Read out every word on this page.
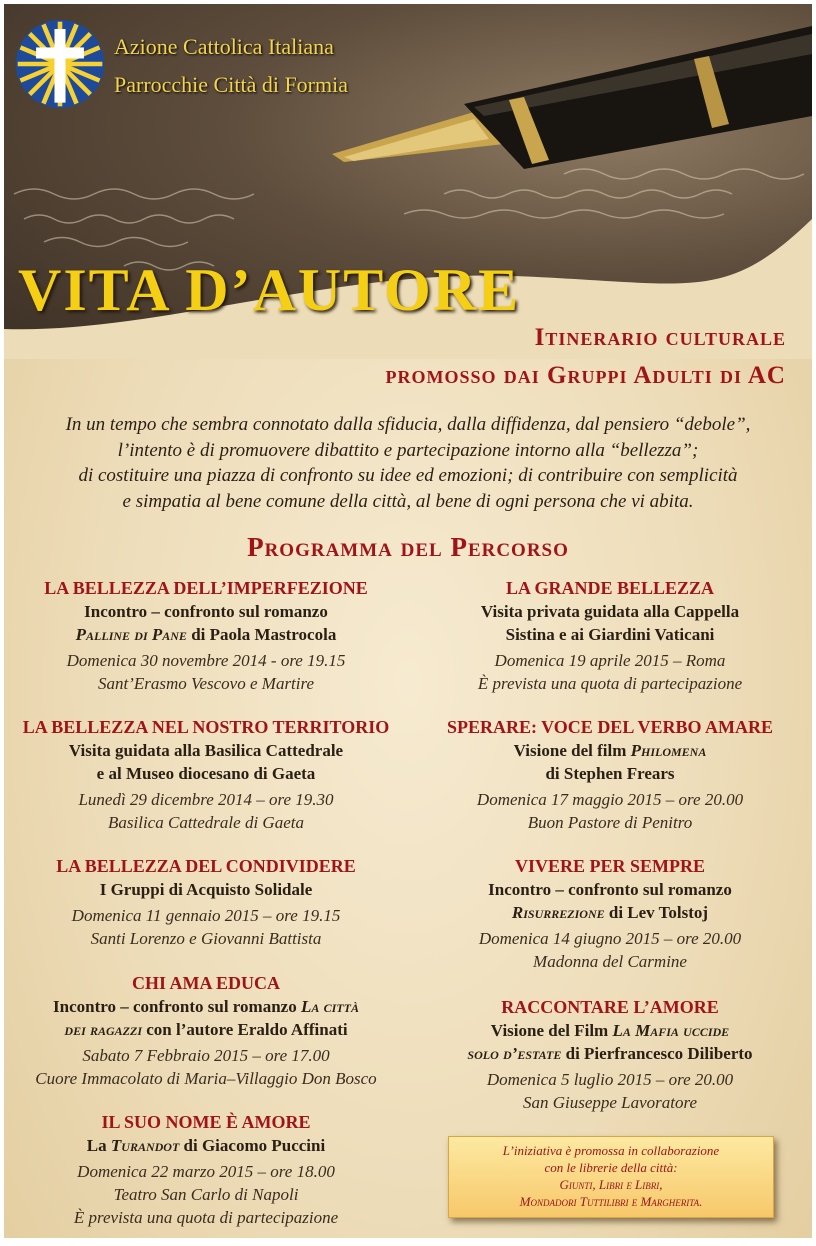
Azione Cattolica Italiana
Parrocchie Città di Formia
VITA D’AUTORE
Itinerario culturale
promosso dai Gruppi Adulti di AC
In un tempo che sembra connotato dalla sfiducia, dalla diffidenza, dal pensiero “debole”,
l’intento è di promuovere dibattito e partecipazione intorno alla “bellezza”;
di costituire una piazza di confronto su idee ed emozioni; di contribuire con semplicità
e simpatia al bene comune della città, al bene di ogni persona che vi abita.
Programma del Percorso
LA BELLEZZA DELL’IMPERFEZIONE
Incontro – confronto sul romanzo
Palline di Pane di Paola Mastrocola
Domenica 30 novembre 2014 - ore 19.15
Sant’Erasmo Vescovo e Martire
LA BELLEZZA NEL NOSTRO TERRITORIO
Visita guidata alla Basilica Cattedrale
e al Museo diocesano di Gaeta
Lunedì 29 dicembre 2014 – ore 19.30
Basilica Cattedrale di Gaeta
LA BELLEZZA DEL CONDIVIDERE
I Gruppi di Acquisto Solidale
Domenica 11 gennaio 2015 – ore 19.15
Santi Lorenzo e Giovanni Battista
CHI AMA EDUCA
Incontro – confronto sul romanzo La città
dei ragazzi con l’autore Eraldo Affinati
Sabato 7 Febbraio 2015 – ore 17.00
Cuore Immacolato di Maria–Villaggio Don Bosco
IL SUO NOME È AMORE
La Turandot di Giacomo Puccini
Domenica 22 marzo 2015 – ore 18.00
Teatro San Carlo di Napoli
È prevista una quota di partecipazione
LA GRANDE BELLEZZA
Visita privata guidata alla Cappella
Sistina e ai Giardini Vaticani
Domenica 19 aprile 2015 – Roma
È prevista una quota di partecipazione
SPERARE: VOCE DEL VERBO AMARE
Visione del film Philomena
di Stephen Frears
Domenica 17 maggio 2015 – ore 20.00
Buon Pastore di Penitro
VIVERE PER SEMPRE
Incontro – confronto sul romanzo
Risurrezione di Lev Tolstoj
Domenica 14 giugno 2015 – ore 20.00
Madonna del Carmine
RACCONTARE L’AMORE
Visione del Film La Mafia uccide
solo d’estate di Pierfrancesco Diliberto
Domenica 5 luglio 2015 – ore 20.00
San Giuseppe Lavoratore
L’iniziativa è promossa in collaborazione
con le librerie della città:
Giunti, Libri e Libri,
Mondadori Tuttilibri e Margherita.
